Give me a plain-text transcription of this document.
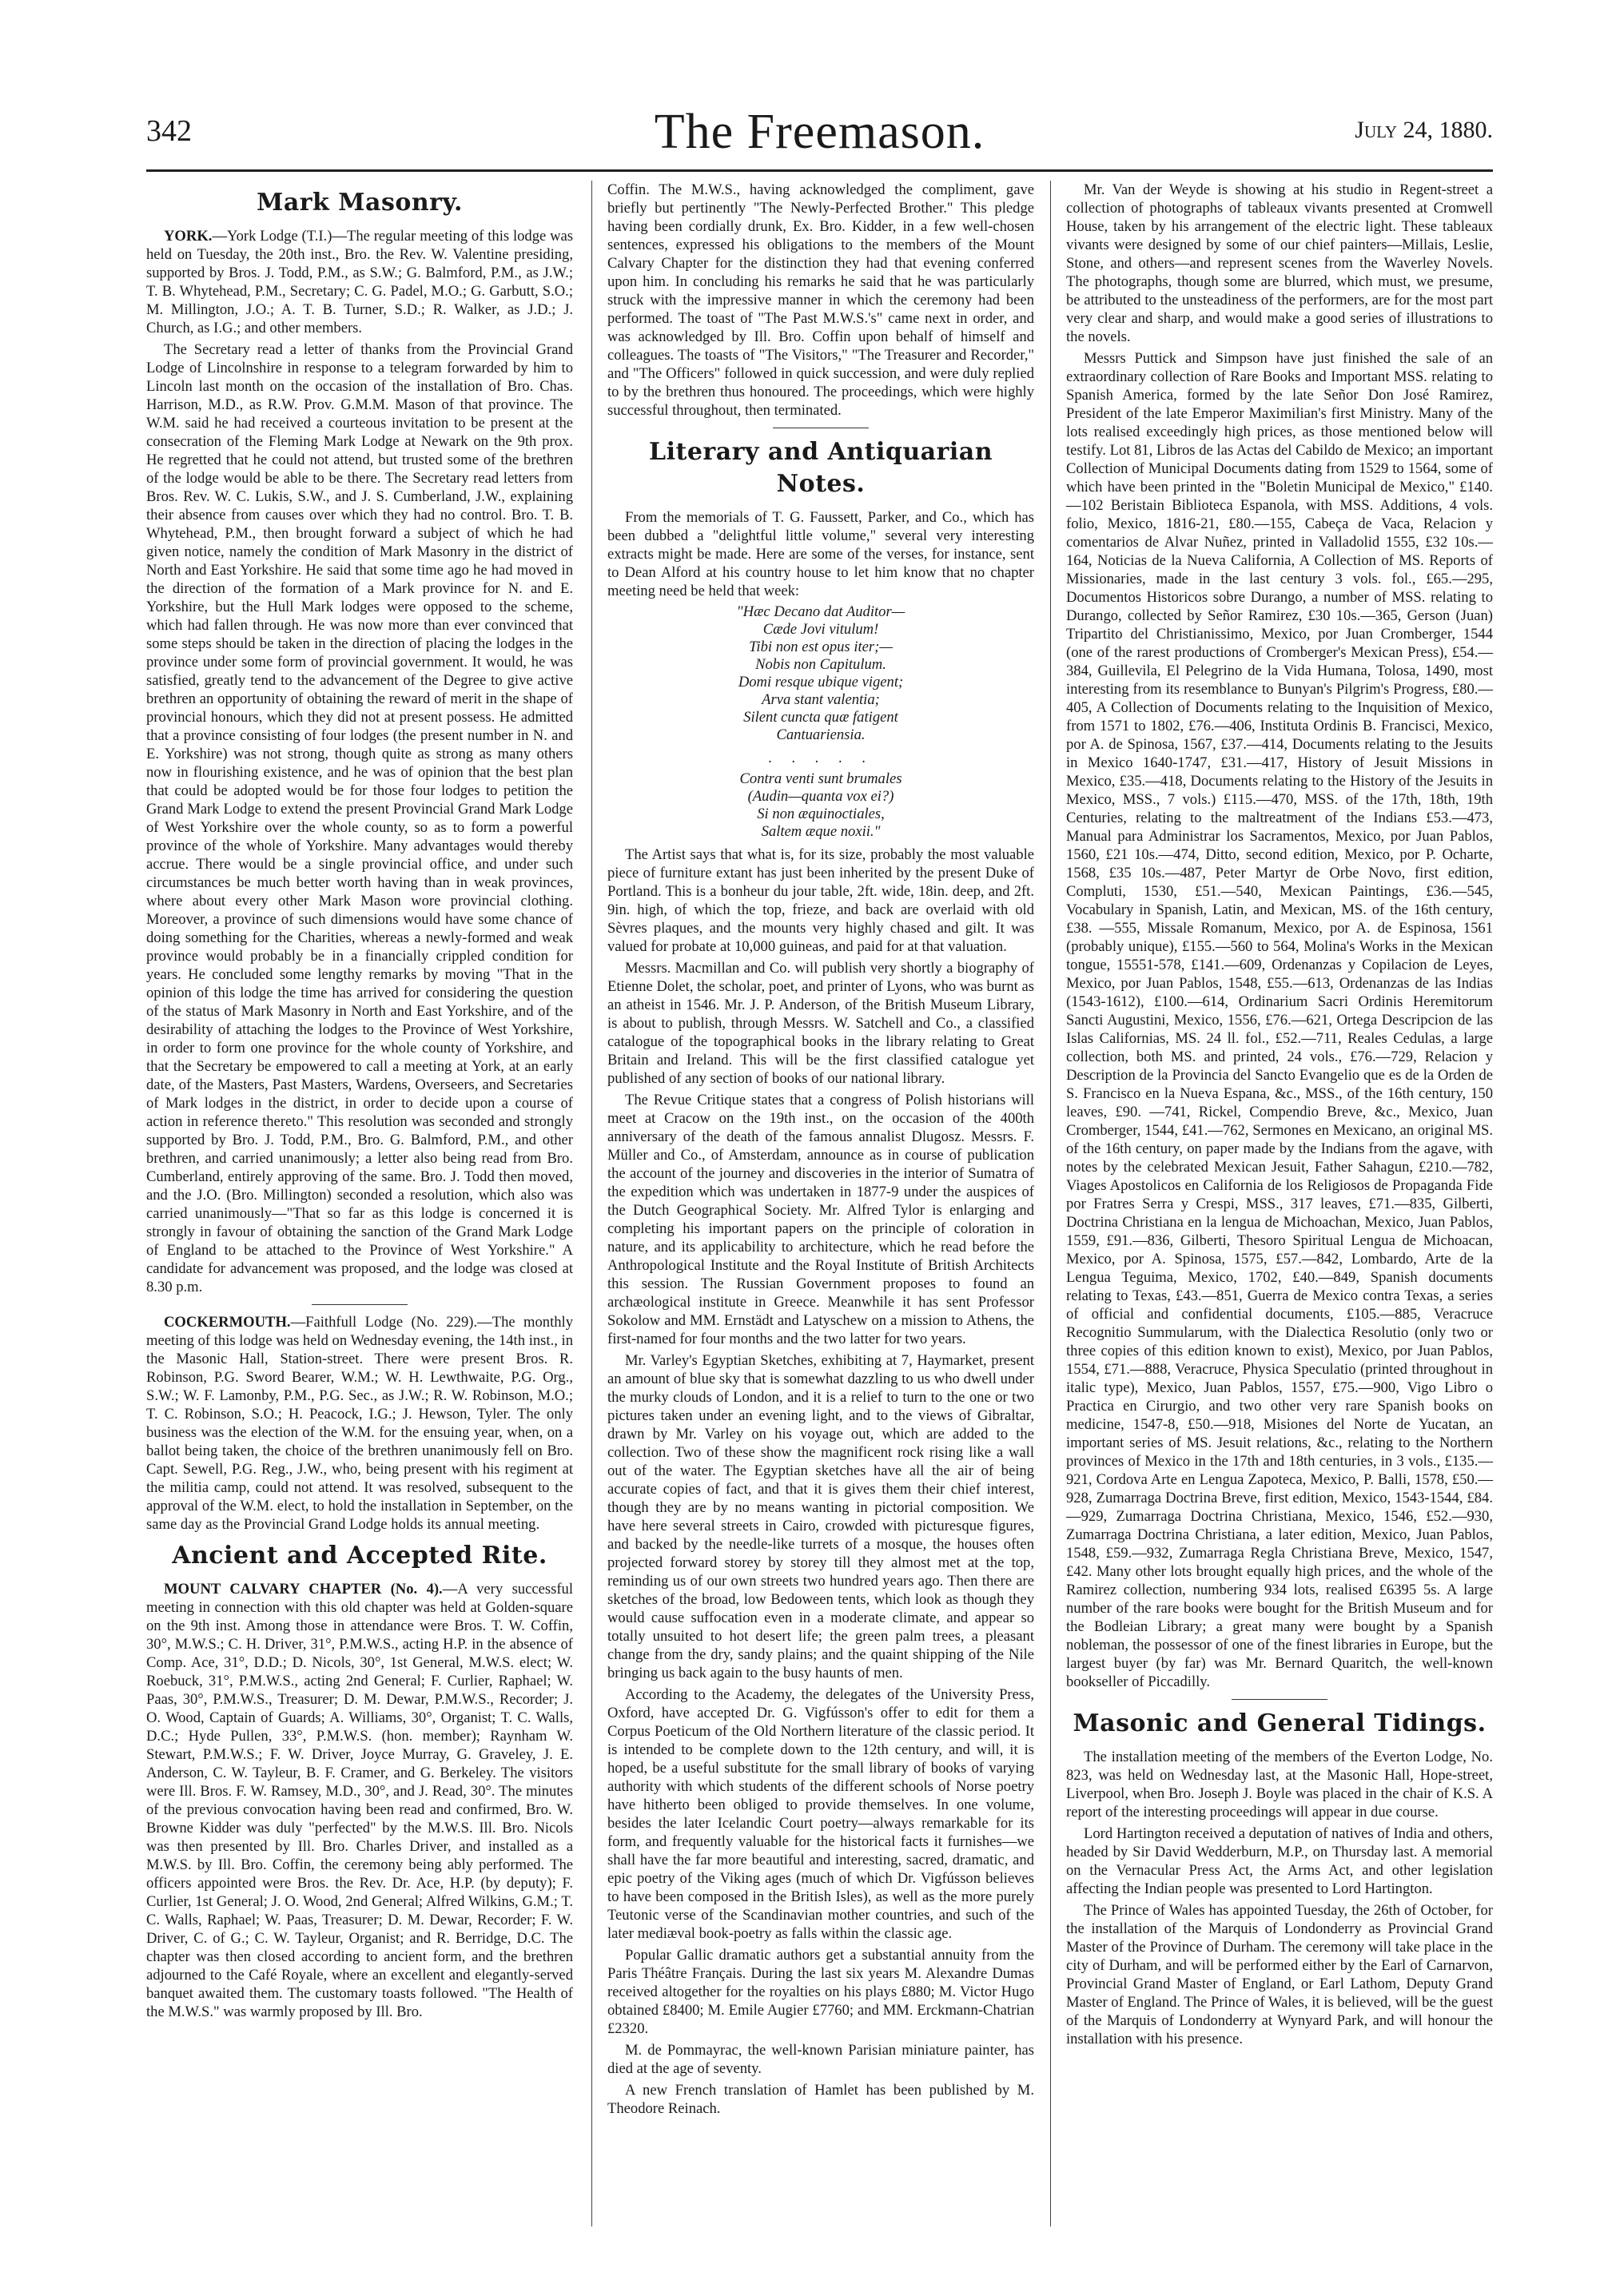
342	The Freemason.	July 24, 1880.
Mark Masonry.

YORK.—York Lodge (T.I.)—The regular meeting of this lodge was held on Tuesday, the 20th inst., Bro. the Rev. W. Valentine presiding, supported by Bros. J. Todd, P.M., as S.W.; G. Balmford, P.M., as J.W.; T. B. Whytehead, P.M., Secretary; C. G. Padel, M.O.; G. Garbutt, S.O.; M. Millington, J.O.; A. T. B. Turner, S.D.; R. Walker, as J.D.; J. Church, as I.G.; and other members.

The Secretary read a letter of thanks from the Provincial Grand Lodge of Lincolnshire in response to a telegram forwarded by him to Lincoln last month on the occasion of the installation of Bro. Chas. Harrison, M.D., as R.W. Prov. G.M.M. Mason of that province. The W.M. said he had received a courteous invitation to be present at the consecration of the Fleming Mark Lodge at Newark on the 9th prox. He regretted that he could not attend, but trusted some of the brethren of the lodge would be able to be there. The Secretary read letters from Bros. Rev. W. C. Lukis, S.W., and J. S. Cumberland, J.W., explaining their absence from causes over which they had no control. Bro. T. B. Whytehead, P.M., then brought forward a subject of which he had given notice, namely the condition of Mark Masonry in the district of North and East Yorkshire. He said that some time ago he had moved in the direction of the formation of a Mark province for N. and E. Yorkshire, but the Hull Mark lodges were opposed to the scheme, which had fallen through. He was now more than ever convinced that some steps should be taken in the direction of placing the lodges in the province under some form of provincial government. It would, he was satisfied, greatly tend to the advancement of the Degree to give active brethren an opportunity of obtaining the reward of merit in the shape of provincial honours, which they did not at present possess. He admitted that a province consisting of four lodges (the present number in N. and E. Yorkshire) was not strong, though quite as strong as many others now in flourishing existence, and he was of opinion that the best plan that could be adopted would be for those four lodges to petition the Grand Mark Lodge to extend the present Provincial Grand Mark Lodge of West Yorkshire over the whole county, so as to form a powerful province of the whole of Yorkshire. Many advantages would thereby accrue. There would be a single provincial office, and under such circumstances be much better worth having than in weak provinces, where about every other Mark Mason wore provincial clothing. Moreover, a province of such dimensions would have some chance of doing something for the Charities, whereas a newly-formed and weak province would probably be in a financially crippled condition for years. He concluded some lengthy remarks by moving "That in the opinion of this lodge the time has arrived for considering the question of the status of Mark Masonry in North and East Yorkshire, and of the desirability of attaching the lodges to the Province of West Yorkshire, in order to form one province for the whole county of Yorkshire, and that the Secretary be empowered to call a meeting at York, at an early date, of the Masters, Past Masters, Wardens, Overseers, and Secretaries of Mark lodges in the district, in order to decide upon a course of action in reference thereto." This resolution was seconded and strongly supported by Bro. J. Todd, P.M., Bro. G. Balmford, P.M., and other brethren, and carried unanimously; a letter also being read from Bro. Cumberland, entirely approving of the same. Bro. J. Todd then moved, and the J.O. (Bro. Millington) seconded a resolution, which also was carried unanimously—"That so far as this lodge is concerned it is strongly in favour of obtaining the sanction of the Grand Mark Lodge of England to be attached to the Province of West Yorkshire." A candidate for advancement was proposed, and the lodge was closed at 8.30 p.m.

COCKERMOUTH.—Faithfull Lodge (No. 229).—The monthly meeting of this lodge was held on Wednesday evening, the 14th inst., in the Masonic Hall, Station-street. There were present Bros. R. Robinson, P.G. Sword Bearer, W.M.; W. H. Lewthwaite, P.G. Org., S.W.; W. F. Lamonby, P.M., P.G. Sec., as J.W.; R. W. Robinson, M.O.; T. C. Robinson, S.O.; H. Peacock, I.G.; J. Hewson, Tyler. The only business was the election of the W.M. for the ensuing year, when, on a ballot being taken, the choice of the brethren unanimously fell on Bro. Capt. Sewell, P.G. Reg., J.W., who, being present with his regiment at the militia camp, could not attend. It was resolved, subsequent to the approval of the W.M. elect, to hold the installation in September, on the same day as the Provincial Grand Lodge holds its annual meeting.

Ancient and Accepted Rite.

MOUNT CALVARY CHAPTER (No. 4).—A very successful meeting in connection with this old chapter was held at Golden-square on the 9th inst. Among those in attendance were Bros. T. W. Coffin, 30°, M.W.S.; C. H. Driver, 31°, P.M.W.S., acting H.P. in the absence of Comp. Ace, 31°, D.D.; D. Nicols, 30°, 1st General, M.W.S. elect; W. Roebuck, 31°, P.M.W.S., acting 2nd General; F. Curlier, Raphael; W. Paas, 30°, P.M.W.S., Treasurer; D. M. Dewar, P.M.W.S., Recorder; J. O. Wood, Captain of Guards; A. Williams, 30°, Organist; T. C. Walls, D.C.; Hyde Pullen, 33°, P.M.W.S. (hon. member); Raynham W. Stewart, P.M.W.S.; F. W. Driver, Joyce Murray, G. Graveley, J. E. Anderson, C. W. Tayleur, B. F. Cramer, and G. Berkeley. The visitors were Ill. Bros. F. W. Ramsey, M.D., 30°, and J. Read, 30°. The minutes of the previous convocation having been read and confirmed, Bro. W. Browne Kidder was duly "perfected" by the M.W.S. Ill. Bro. Nicols was then presented by Ill. Bro. Charles Driver, and installed as a M.W.S. by Ill. Bro. Coffin, the ceremony being ably performed. The officers appointed were Bros. the Rev. Dr. Ace, H.P. (by deputy); F. Curlier, 1st General; J. O. Wood, 2nd General; Alfred Wilkins, G.M.; T. C. Walls, Raphael; W. Paas, Treasurer; D. M. Dewar, Recorder; F. W. Driver, C. of G.; C. W. Tayleur, Organist; and R. Berridge, D.C. The chapter was then closed according to ancient form, and the brethren adjourned to the Café Royale, where an excellent and elegantly-served banquet awaited them. The customary toasts followed. "The Health of the M.W.S." was warmly proposed by Ill. Bro.

Coffin. The M.W.S., having acknowledged the compliment, gave briefly but pertinently "The Newly-Perfected Brother." This pledge having been cordially drunk, Ex. Bro. Kidder, in a few well-chosen sentences, expressed his obligations to the members of the Mount Calvary Chapter for the distinction they had that evening conferred upon him. In concluding his remarks he said that he was particularly struck with the impressive manner in which the ceremony had been performed. The toast of "The Past M.W.S.'s" came next in order, and was acknowledged by Ill. Bro. Coffin upon behalf of himself and colleagues. The toasts of "The Visitors," "The Treasurer and Recorder," and "The Officers" followed in quick succession, and were duly replied to by the brethren thus honoured. The proceedings, which were highly successful throughout, then terminated.

Literary and Antiquarian Notes.

From the memorials of T. G. Faussett, Parker, and Co., which has been dubbed a "delightful little volume," several very interesting extracts might be made. Here are some of the verses, for instance, sent to Dean Alford at his country house to let him know that no chapter meeting need be held that week:

"Hæc Decano dat Auditor—
Cæde Jovi vitulum!
Tibi non est opus iter;—
Nobis non Capitulum.
Domi resque ubique vigent;
Arva stant valentia;
Silent cuncta quæ fatigent
Cantuariensia.
. . . . .
Contra venti sunt brumales
(Audin—quanta vox ei?)
Si non æquinoctiales,
Saltem æque noxii."

The Artist says that what is, for its size, probably the most valuable piece of furniture extant has just been inherited by the present Duke of Portland. This is a bonheur du jour table, 2ft. wide, 18in. deep, and 2ft. 9in. high, of which the top, frieze, and back are overlaid with old Sèvres plaques, and the mounts very highly chased and gilt. It was valued for probate at 10,000 guineas, and paid for at that valuation.

Messrs. Macmillan and Co. will publish very shortly a biography of Etienne Dolet, the scholar, poet, and printer of Lyons, who was burnt as an atheist in 1546. Mr. J. P. Anderson, of the British Museum Library, is about to publish, through Messrs. W. Satchell and Co., a classified catalogue of the topographical books in the library relating to Great Britain and Ireland. This will be the first classified catalogue yet published of any section of books of our national library.

The Revue Critique states that a congress of Polish historians will meet at Cracow on the 19th inst., on the occasion of the 400th anniversary of the death of the famous annalist Dlugosz. Messrs. F. Müller and Co., of Amsterdam, announce as in course of publication the account of the journey and discoveries in the interior of Sumatra of the expedition which was undertaken in 1877-9 under the auspices of the Dutch Geographical Society. Mr. Alfred Tylor is enlarging and completing his important papers on the principle of coloration in nature, and its applicability to architecture, which he read before the Anthropological Institute and the Royal Institute of British Architects this session. The Russian Government proposes to found an archæological institute in Greece. Meanwhile it has sent Professor Sokolow and MM. Ernstädt and Latyschew on a mission to Athens, the first-named for four months and the two latter for two years.

Mr. Varley's Egyptian Sketches, exhibiting at 7, Haymarket, present an amount of blue sky that is somewhat dazzling to us who dwell under the murky clouds of London, and it is a relief to turn to the one or two pictures taken under an evening light, and to the views of Gibraltar, drawn by Mr. Varley on his voyage out, which are added to the collection. Two of these show the magnificent rock rising like a wall out of the water. The Egyptian sketches have all the air of being accurate copies of fact, and that it is gives them their chief interest, though they are by no means wanting in pictorial composition. We have here several streets in Cairo, crowded with picturesque figures, and backed by the needle-like turrets of a mosque, the houses often projected forward storey by storey till they almost met at the top, reminding us of our own streets two hundred years ago. Then there are sketches of the broad, low Bedoween tents, which look as though they would cause suffocation even in a moderate climate, and appear so totally unsuited to hot desert life; the green palm trees, a pleasant change from the dry, sandy plains; and the quaint shipping of the Nile bringing us back again to the busy haunts of men.

According to the Academy, the delegates of the University Press, Oxford, have accepted Dr. G. Vigfússon's offer to edit for them a Corpus Poeticum of the Old Northern literature of the classic period. It is intended to be complete down to the 12th century, and will, it is hoped, be a useful substitute for the small library of books of varying authority with which students of the different schools of Norse poetry have hitherto been obliged to provide themselves. In one volume, besides the later Icelandic Court poetry—always remarkable for its form, and frequently valuable for the historical facts it furnishes—we shall have the far more beautiful and interesting, sacred, dramatic, and epic poetry of the Viking ages (much of which Dr. Vigfússon believes to have been composed in the British Isles), as well as the more purely Teutonic verse of the Scandinavian mother countries, and such of the later mediæval book-poetry as falls within the classic age.

Popular Gallic dramatic authors get a substantial annuity from the Paris Théâtre Français. During the last six years M. Alexandre Dumas received altogether for the royalties on his plays £880; M. Victor Hugo obtained £8400; M. Emile Augier £7760; and MM. Erckmann-Chatrian £2320.

M. de Pommayrac, the well-known Parisian miniature painter, has died at the age of seventy.

A new French translation of Hamlet has been published by M. Theodore Reinach.

Mr. Van der Weyde is showing at his studio in Regent-street a collection of photographs of tableaux vivants presented at Cromwell House, taken by his arrangement of the electric light. These tableaux vivants were designed by some of our chief painters—Millais, Leslie, Stone, and others—and represent scenes from the Waverley Novels. The photographs, though some are blurred, which must, we presume, be attributed to the unsteadiness of the performers, are for the most part very clear and sharp, and would make a good series of illustrations to the novels.

Messrs Puttick and Simpson have just finished the sale of an extraordinary collection of Rare Books and Important MSS. relating to Spanish America, formed by the late Señor Don José Ramirez, President of the late Emperor Maximilian's first Ministry. Many of the lots realised exceedingly high prices, as those mentioned below will testify. Lot 81, Libros de las Actas del Cabildo de Mexico; an important Collection of Municipal Documents dating from 1529 to 1564, some of which have been printed in the "Boletin Municipal de Mexico," £140.—102 Beristain Biblioteca Espanola, with MSS. Additions, 4 vols. folio, Mexico, 1816-21, £80.—155, Cabeça de Vaca, Relacion y comentarios de Alvar Nuñez, printed in Valladolid 1555, £32 10s.—164, Noticias de la Nueva California, A Collection of MS. Reports of Missionaries, made in the last century 3 vols. fol., £65.—295, Documentos Historicos sobre Durango, a number of MSS. relating to Durango, collected by Señor Ramirez, £30 10s.—365, Gerson (Juan) Tripartito del Christianissimo, Mexico, por Juan Cromberger, 1544 (one of the rarest productions of Cromberger's Mexican Press), £54.—384, Guillevila, El Pelegrino de la Vida Humana, Tolosa, 1490, most interesting from its resemblance to Bunyan's Pilgrim's Progress, £80.—405, A Collection of Documents relating to the Inquisition of Mexico, from 1571 to 1802, £76.—406, Instituta Ordinis B. Francisci, Mexico, por A. de Spinosa, 1567, £37.—414, Documents relating to the Jesuits in Mexico 1640-1747, £31.—417, History of Jesuit Missions in Mexico, £35.—418, Documents relating to the History of the Jesuits in Mexico, MSS., 7 vols.) £115.—470, MSS. of the 17th, 18th, 19th Centuries, relating to the maltreatment of the Indians £53.—473, Manual para Administrar los Sacramentos, Mexico, por Juan Pablos, 1560, £21 10s.—474, Ditto, second edition, Mexico, por P. Ocharte, 1568, £35 10s.—487, Peter Martyr de Orbe Novo, first edition, Compluti, 1530, £51.—540, Mexican Paintings, £36.—545, Vocabulary in Spanish, Latin, and Mexican, MS. of the 16th century, £38. —555, Missale Romanum, Mexico, por A. de Espinosa, 1561 (probably unique), £155.—560 to 564, Molina's Works in the Mexican tongue, 15551-578, £141.—609, Ordenanzas y Copilacion de Leyes, Mexico, por Juan Pablos, 1548, £55.—613, Ordenanzas de las Indias (1543-1612), £100.—614, Ordinarium Sacri Ordinis Heremitorum Sancti Augustini, Mexico, 1556, £76.—621, Ortega Descripcion de las Islas Californias, MS. 24 ll. fol., £52.—711, Reales Cedulas, a large collection, both MS. and printed, 24 vols., £76.—729, Relacion y Description de la Provincia del Sancto Evangelio que es de la Orden de S. Francisco en la Nueva Espana, &c., MSS., of the 16th century, 150 leaves, £90. —741, Rickel, Compendio Breve, &c., Mexico, Juan Cromberger, 1544, £41.—762, Sermones en Mexicano, an original MS. of the 16th century, on paper made by the Indians from the agave, with notes by the celebrated Mexican Jesuit, Father Sahagun, £210.—782, Viages Apostolicos en California de los Religiosos de Propaganda Fide por Fratres Serra y Crespi, MSS., 317 leaves, £71.—835, Gilberti, Doctrina Christiana en la lengua de Michoachan, Mexico, Juan Pablos, 1559, £91.—836, Gilberti, Thesoro Spiritual Lengua de Michoacan, Mexico, por A. Spinosa, 1575, £57.—842, Lombardo, Arte de la Lengua Teguima, Mexico, 1702, £40.—849, Spanish documents relating to Texas, £43.—851, Guerra de Mexico contra Texas, a series of official and confidential documents, £105.—885, Veracruce Recognitio Summularum, with the Dialectica Resolutio (only two or three copies of this edition known to exist), Mexico, por Juan Pablos, 1554, £71.—888, Veracruce, Physica Speculatio (printed throughout in italic type), Mexico, Juan Pablos, 1557, £75.—900, Vigo Libro o Practica en Cirurgio, and two other very rare Spanish books on medicine, 1547-8, £50.—918, Misiones del Norte de Yucatan, an important series of MS. Jesuit relations, &c., relating to the Northern provinces of Mexico in the 17th and 18th centuries, in 3 vols., £135.—921, Cordova Arte en Lengua Zapoteca, Mexico, P. Balli, 1578, £50.—928, Zumarraga Doctrina Breve, first edition, Mexico, 1543-1544, £84.—929, Zumarraga Doctrina Christiana, Mexico, 1546, £52.—930, Zumarraga Doctrina Christiana, a later edition, Mexico, Juan Pablos, 1548, £59.—932, Zumarraga Regla Christiana Breve, Mexico, 1547, £42. Many other lots brought equally high prices, and the whole of the Ramirez collection, numbering 934 lots, realised £6395 5s. A large number of the rare books were bought for the British Museum and for the Bodleian Library; a great many were bought by a Spanish nobleman, the possessor of one of the finest libraries in Europe, but the largest buyer (by far) was Mr. Bernard Quaritch, the well-known bookseller of Piccadilly.

Masonic and General Tidings.

The installation meeting of the members of the Everton Lodge, No. 823, was held on Wednesday last, at the Masonic Hall, Hope-street, Liverpool, when Bro. Joseph J. Boyle was placed in the chair of K.S. A report of the interesting proceedings will appear in due course.

Lord Hartington received a deputation of natives of India and others, headed by Sir David Wedderburn, M.P., on Thursday last. A memorial on the Vernacular Press Act, the Arms Act, and other legislation affecting the Indian people was presented to Lord Hartington.

The Prince of Wales has appointed Tuesday, the 26th of October, for the installation of the Marquis of Londonderry as Provincial Grand Master of the Province of Durham. The ceremony will take place in the city of Durham, and will be performed either by the Earl of Carnarvon, Provincial Grand Master of England, or Earl Lathom, Deputy Grand Master of England. The Prince of Wales, it is believed, will be the guest of the Marquis of Londonderry at Wynyard Park, and will honour the installation with his presence.
